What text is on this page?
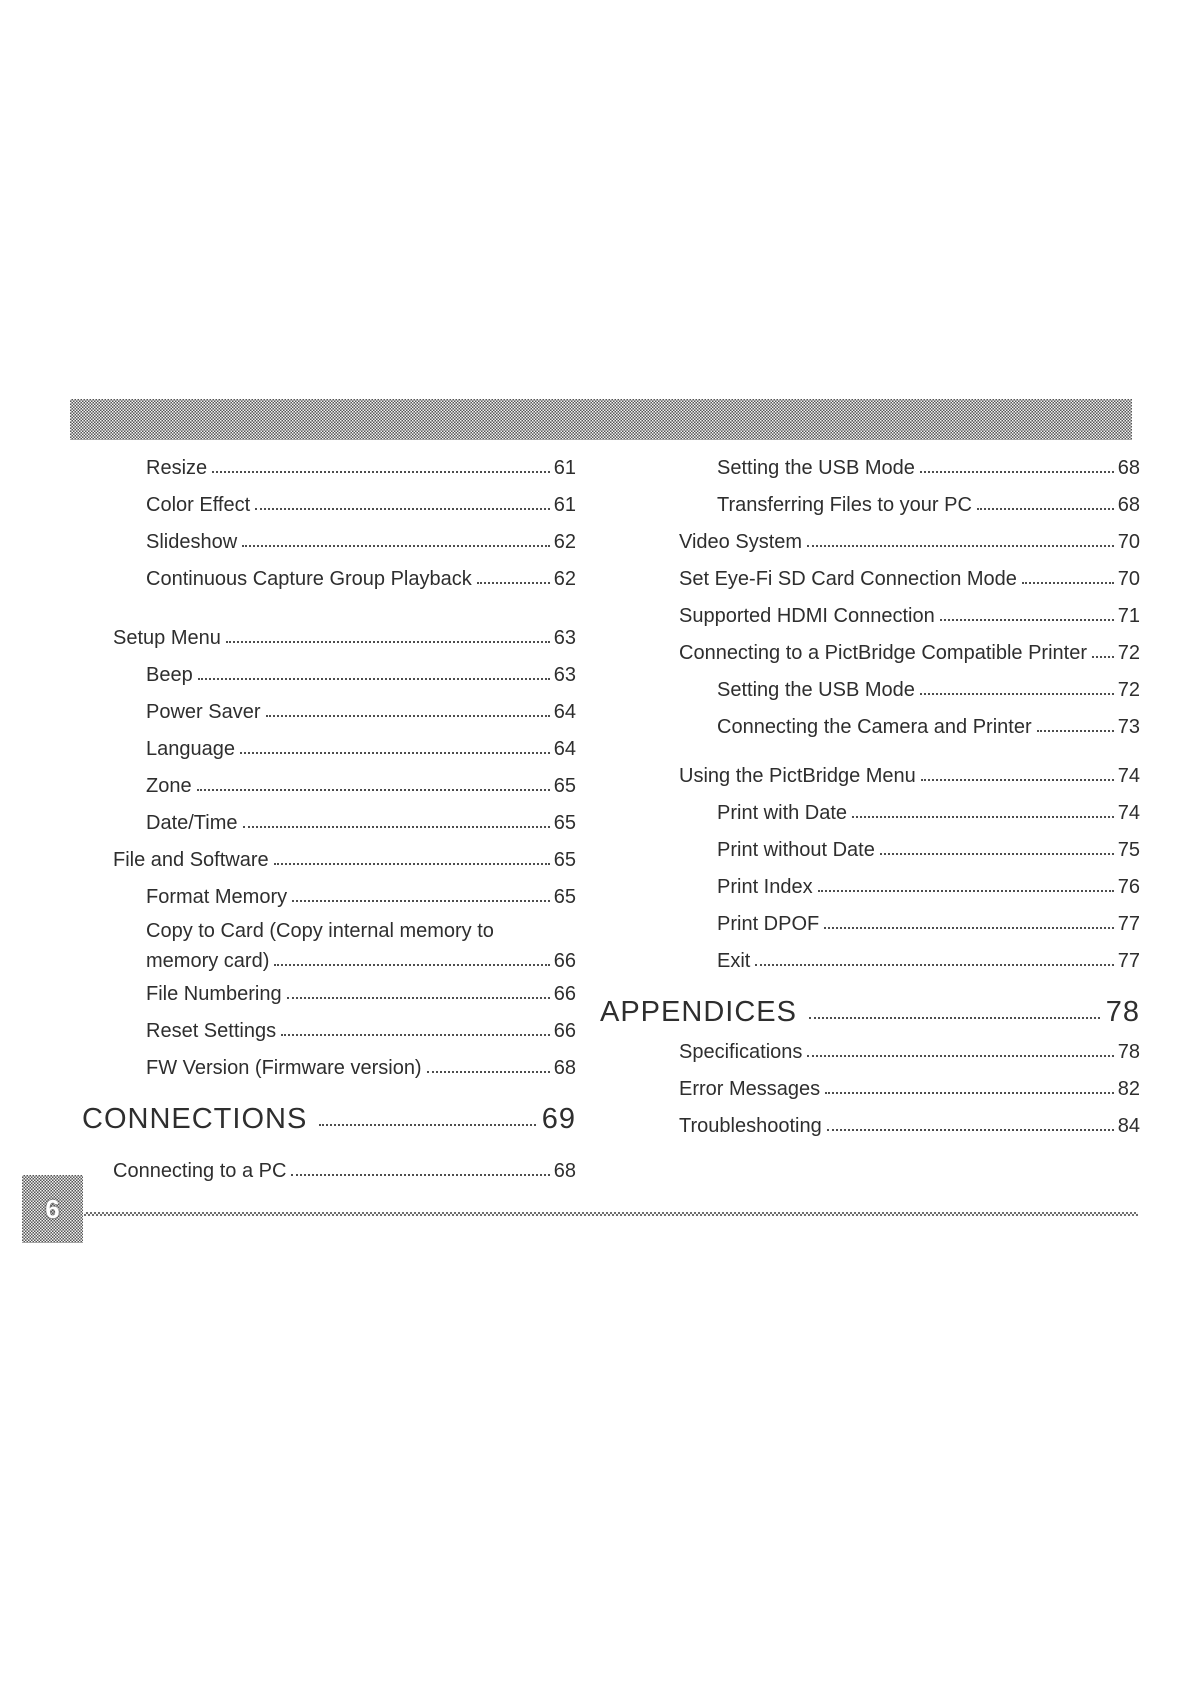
Resize	61
Color Effect	61
Slideshow	62
Continuous Capture Group Playback	62
Setup Menu	63
Beep	63
Power Saver	64
Language	64
Zone	65
Date/Time	65
File and Software	65
Format Memory	65
Copy to Card (Copy internal memory to
memory card)	66
File Numbering	66
Reset Settings	66
FW Version (Firmware version)	68
CONNECTIONS	69
Connecting to a PC	68
Setting the USB Mode	68
Transferring Files to your PC	68
Video System	70
Set Eye-Fi SD Card Connection Mode	70
Supported HDMI Connection	71
Connecting to a PictBridge Compatible Printer 72
Setting the USB Mode	72
Connecting the Camera and Printer	73
Using the PictBridge Menu	74
Print with Date	74
Print without Date	75
Print Index	76
Print DPOF	77
Exit	77
APPENDICES	78
Specifications	78
Error Messages	82
Troubleshooting	84
6
